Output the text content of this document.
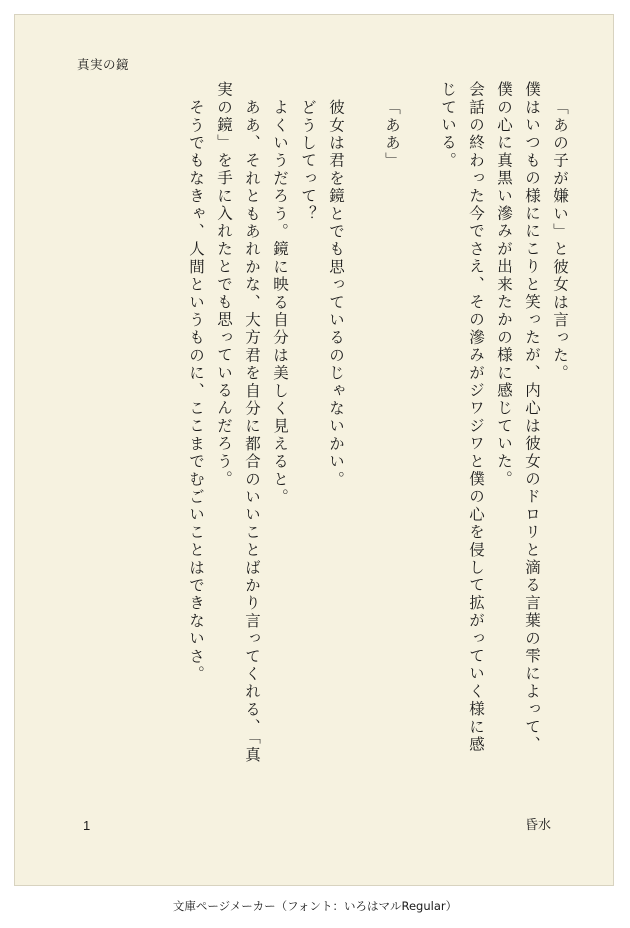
真実の鏡
「あの子が嫌い」と彼女は言った。
僕はいつもの様ににこりと笑ったが、内心は彼女のドロリと滴る言葉の雫によって、
僕の心に真黒い滲みが出来たかの様に感じていた。
会話の終わった今でさえ、その滲みがジワジワと僕の心を侵して拡がっていく様に感
じている。
「ああ」
彼女は君を鏡とでも思っているのじゃないかい。
どうしてって？
よくいうだろう。鏡に映る自分は美しく見えると。
ああ、それともあれかな、大方君を自分に都合のいいことばかり言ってくれる、「真
実の鏡」を手に入れたとでも思っているんだろう。
そうでもなきゃ、人間というものに、ここまでむごいことはできないさ。
1	昏水
文庫ページメーカー（フォント：いろはマルRegular）
